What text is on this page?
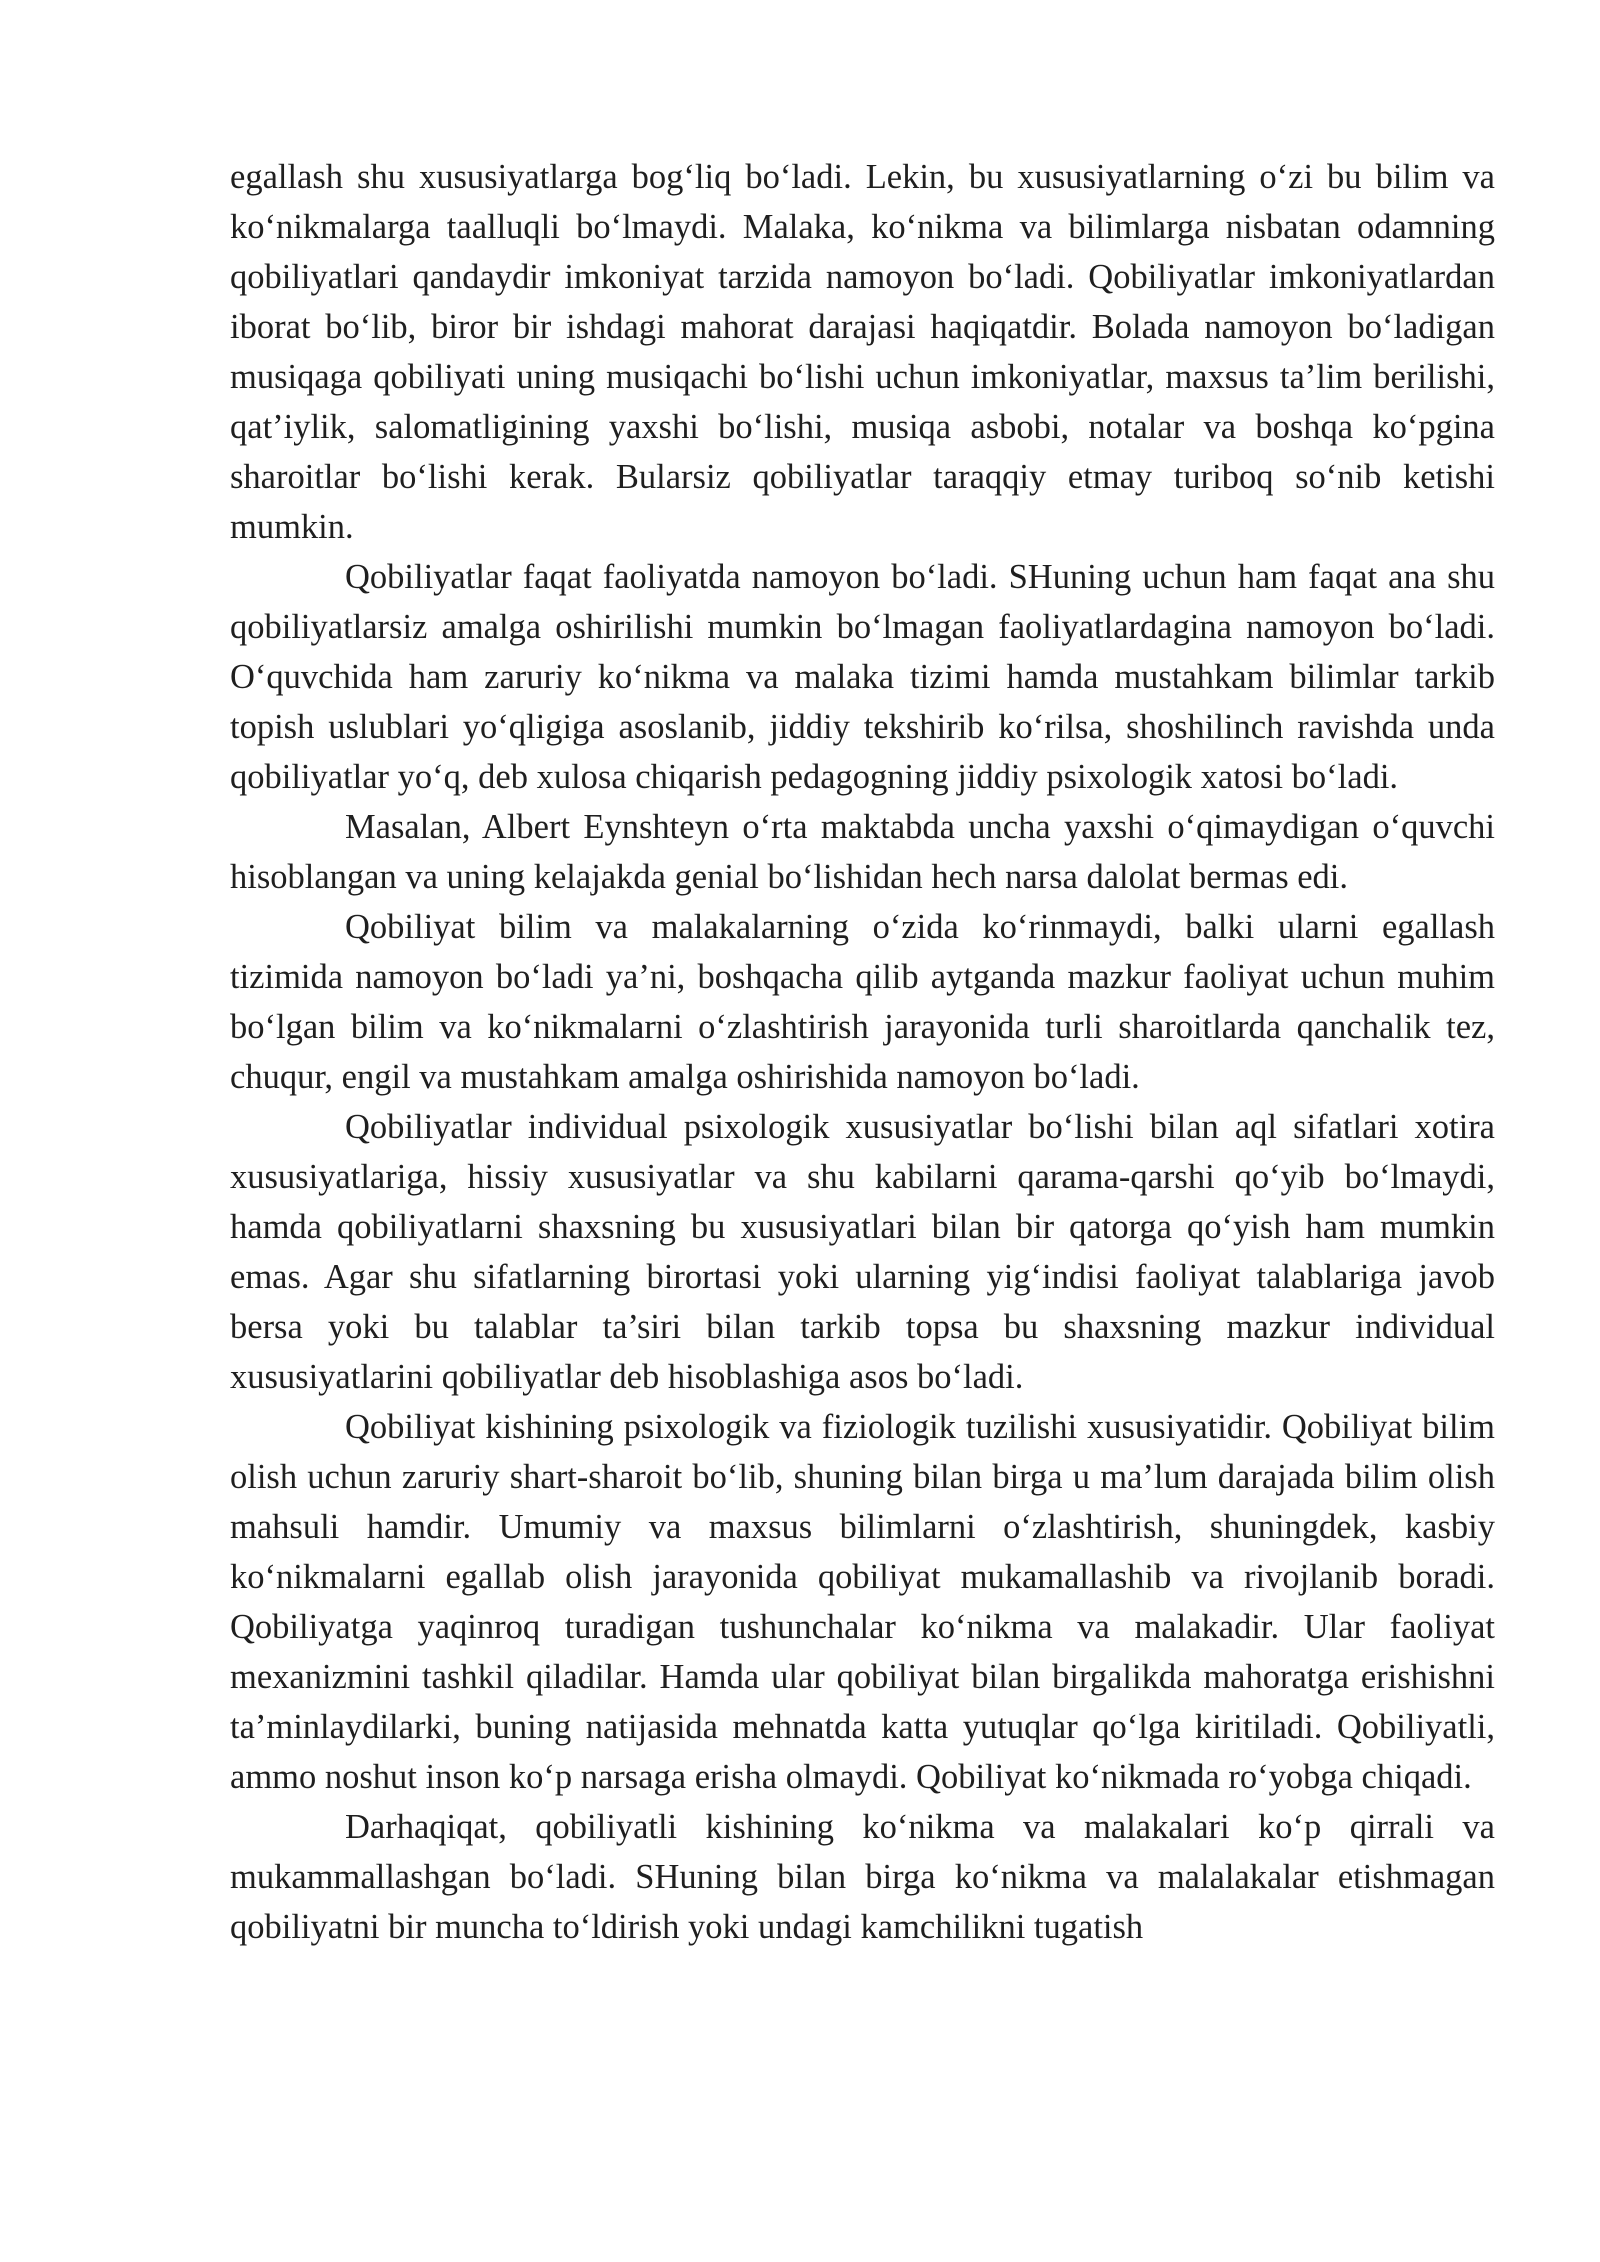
egallash shu xususiyatlarga bog‘liq bo‘ladi. Lekin, bu xususiyatlarning o‘zi bu bilim va ko‘nikmalarga taalluqli bo‘lmaydi. Malaka, ko‘nikma va bilimlarga nisbatan odamning qobiliyatlari qandaydir imkoniyat tarzida namoyon bo‘ladi. Qobiliyatlar imkoniyatlardan iborat bo‘lib, biror bir ishdagi mahorat darajasi haqiqatdir. Bolada namoyon bo‘ladigan musiqaga qobiliyati uning musiqachi bo‘lishi uchun imkoniyatlar, maxsus ta’lim berilishi, qat’iylik, salomatligining yaxshi bo‘lishi, musiqa asbobi, notalar va boshqa ko‘pgina sharoitlar bo‘lishi kerak. Bularsiz qobiliyatlar taraqqiy etmay turiboq so‘nib ketishi mumkin.

Qobiliyatlar faqat faoliyatda namoyon bo‘ladi. SHuning uchun ham faqat ana shu qobiliyatlarsiz amalga oshirilishi mumkin bo‘lmagan faoliyatlardagina namoyon bo‘ladi. O‘quvchida ham zaruriy ko‘nikma va malaka tizimi hamda mustahkam bilimlar tarkib topish uslublari yo‘qligiga asoslanib, jiddiy tekshirib ko‘rilsa, shoshilinch ravishda unda qobiliyatlar yo‘q, deb xulosa chiqarish pedagogning jiddiy psixologik xatosi bo‘ladi.

Masalan, Albert Eynshteyn o‘rta maktabda uncha yaxshi o‘qimaydigan o‘quvchi hisoblangan va uning kelajakda genial bo‘lishidan hech narsa dalolat bermas edi.

Qobiliyat bilim va malakalarning o‘zida ko‘rinmaydi, balki ularni egallash tizimida namoyon bo‘ladi ya’ni, boshqacha qilib aytganda mazkur faoliyat uchun muhim bo‘lgan bilim va ko‘nikmalarni o‘zlashtirish jarayonida turli sharoitlarda qanchalik tez, chuqur, engil va mustahkam amalga oshirishida namoyon bo‘ladi.

Qobiliyatlar individual psixologik xususiyatlar bo‘lishi bilan aql sifatlari xotira xususiyatlariga, hissiy xususiyatlar va shu kabilarni qarama-qarshi qo‘yib bo‘lmaydi, hamda qobiliyatlarni shaxsning bu xususiyatlari bilan bir qatorga qo‘yish ham mumkin emas. Agar shu sifatlarning birortasi yoki ularning yig‘indisi faoliyat talablariga javob bersa yoki bu talablar ta’siri bilan tarkib topsa bu shaxsning mazkur individual xususiyatlarini qobiliyatlar deb hisoblashiga asos bo‘ladi.

Qobiliyat kishining psixologik va fiziologik tuzilishi xususiyatidir. Qobiliyat bilim olish uchun zaruriy shart-sharoit bo‘lib, shuning bilan birga u ma’lum darajada bilim olish mahsuli hamdir. Umumiy va maxsus bilimlarni o‘zlashtirish, shuningdek, kasbiy ko‘nikmalarni egallab olish jarayonida qobiliyat mukamallashib va rivojlanib boradi. Qobiliyatga yaqinroq turadigan tushunchalar ko‘nikma va malakadir. Ular faoliyat mexanizmini tashkil qiladilar. Hamda ular qobiliyat bilan birgalikda mahoratga erishishni ta’minlaydilarki, buning natijasida mehnatda katta yutuqlar qo‘lga kiritiladi. Qobiliyatli, ammo noshut inson ko‘p narsaga erisha olmaydi. Qobiliyat ko‘nikmada ro‘yobga chiqadi.

Darhaqiqat, qobiliyatli kishining ko‘nikma va malakalari ko‘p qirrali va mukammallashgan bo‘ladi. SHuning bilan birga ko‘nikma va malalakalar etishmagan qobiliyatni bir muncha to‘ldirish yoki undagi kamchilikni tugatish
